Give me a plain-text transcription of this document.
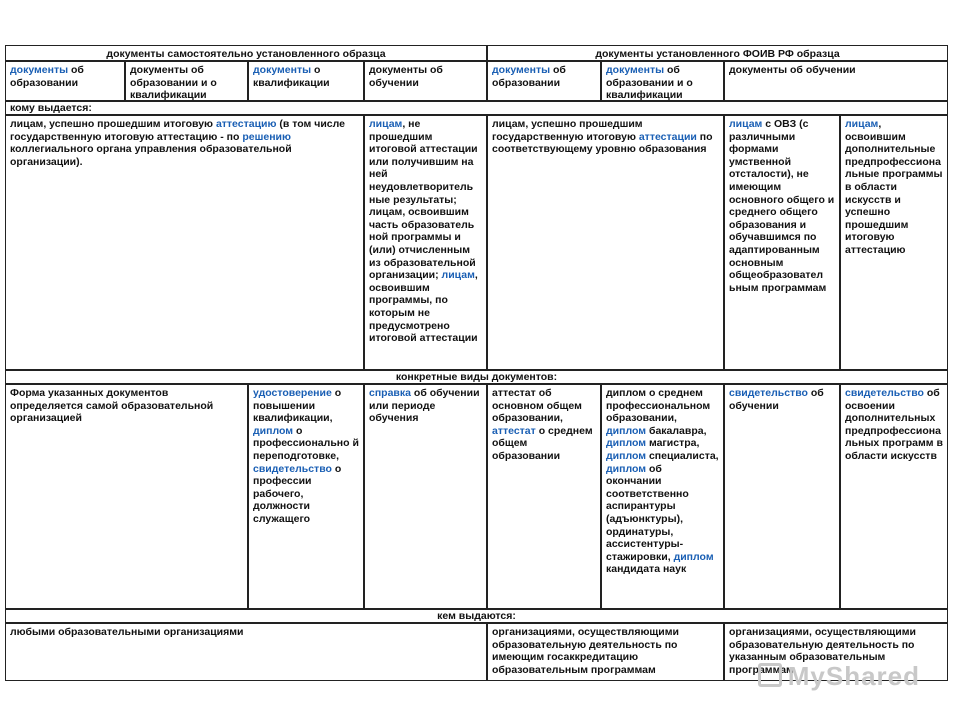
документы самостоятельно установленного образца	документы установленного ФОИВ РФ образца
документы об образовании
документы об образовании и о квалификации
документы о квалификации
документы об обучении
документы об образовании
документы об образовании и о квалификации
документы об обучении
кому выдается:
лицам, успешно прошедшим итоговую аттестацию (в том числе государственную итоговую аттестацию - по решению коллегиального органа управления образовательной организации).
лицам, не прошедшим итоговой аттестации или получившим на ней неудовлетворитель ные результаты; лицам, освоившим часть образователь ной программы и (или) отчисленным из образовательной организации; лицам, освоившим программы, по которым не предусмотрено итоговой аттестации
лицам, успешно прошедшим государственную итоговую аттестации по соответствующему уровню образования
лицам с ОВЗ (с различными формами умственной отсталости), не имеющим основного общего и среднего общего образования и обучавшимся по адаптированным основным общеобразовател ьным программам
лицам, освоившим дополнительные предпрофессиона льные программы в области искусств и успешно прошедшим итоговую аттестацию
конкретные виды документов:
Форма указанных документов определяется самой образовательной организацией
удостоверение о повышении квалификации, диплом о профессионально й переподготовке, свидетельство о профессии рабочего, должности служащего
справка об обучении или периоде обучения
аттестат об основном общем образовании, аттестат о среднем общем образовании
диплом о среднем профессиональном образовании, диплом бакалавра, диплом магистра, диплом специалиста, диплом об окончании соответственно аспирантуры (адъюнктуры), ординатуры, ассистентуры-стажировки, диплом кандидата наук
свидетельство об обучении
свидетельство об освоении дополнительных предпрофессиона льных программ в области искусств
кем выдаются:
любыми образовательными организациями	организациями, осуществляющими образовательную деятельность по имеющим госаккредитацию образовательным программам
организациями, осуществляющими образовательную деятельность по указанным образовательным программам
MyShared
